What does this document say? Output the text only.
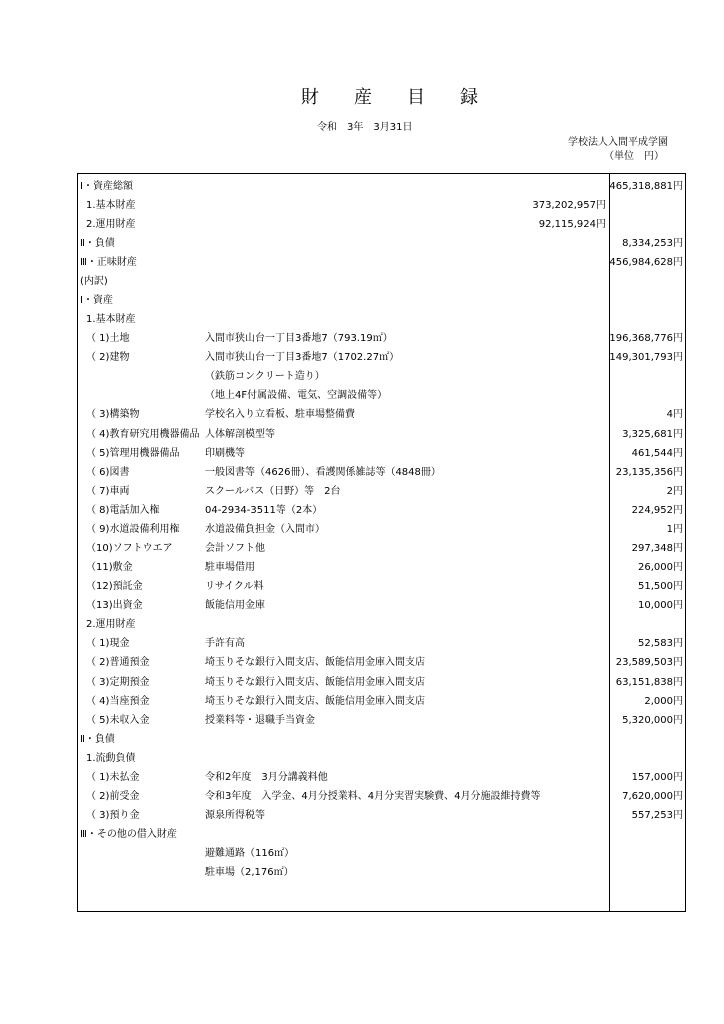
財　産　目　録
令和　3年　3月31日
学校法人入間平成学園
（単位　円）
Ⅰ・資産総額	465,318,881円
1.基本財産	373,202,957円
2.運用財産	92,115,924円
Ⅱ・負債	8,334,253円
Ⅲ・正味財産	456,984,628円
(内訳)
Ⅰ・資産
1.基本財産
（ 1)土地	入間市狭山台一丁目3番地7（793.19㎡）	196,368,776円
（ 2)建物	入間市狭山台一丁目3番地7（1702.27㎡）	149,301,793円
（鉄筋コンクリート造り）
（地上4F付属設備、電気、空調設備等）
（ 3)構築物	学校名入り立看板、駐車場整備費	4円
（ 4)教育研究用機器備品 人体解剖模型等	3,325,681円
（ 5)管理用機器備品	印刷機等	461,544円
（ 6)図書	一般図書等（4626冊）、看護関係雑誌等（4848冊）	23,135,356円
（ 7)車両	スクールバス（日野）等　2台	2円
（ 8)電話加入権	04-2934-3511等（2本）	224,952円
（ 9)水道設備利用権	水道設備負担金（入間市）	1円
（10)ソフトウエア	会計ソフト他	297,348円
（11)敷金	駐車場借用	26,000円
（12)預託金	リサイクル料	51,500円
（13)出資金	飯能信用金庫	10,000円
2.運用財産
（ 1)現金	手許有高	52,583円
（ 2)普通預金	埼玉りそな銀行入間支店、飯能信用金庫入間支店	23,589,503円
（ 3)定期預金	埼玉りそな銀行入間支店、飯能信用金庫入間支店	63,151,838円
（ 4)当座預金	埼玉りそな銀行入間支店、飯能信用金庫入間支店	2,000円
（ 5)未収入金	授業料等・退職手当資金	5,320,000円
Ⅱ・負債
1.流動負債
（ 1)未払金	令和2年度　3月分講義料他	157,000円
（ 2)前受金	令和3年度　入学金、4月分授業料、4月分実習実験費、4月分施設維持費等	7,620,000円
（ 3)預り金	源泉所得税等	557,253円
Ⅲ・その他の借入財産
避難通路（116㎡）
駐車場（2,176㎡）
